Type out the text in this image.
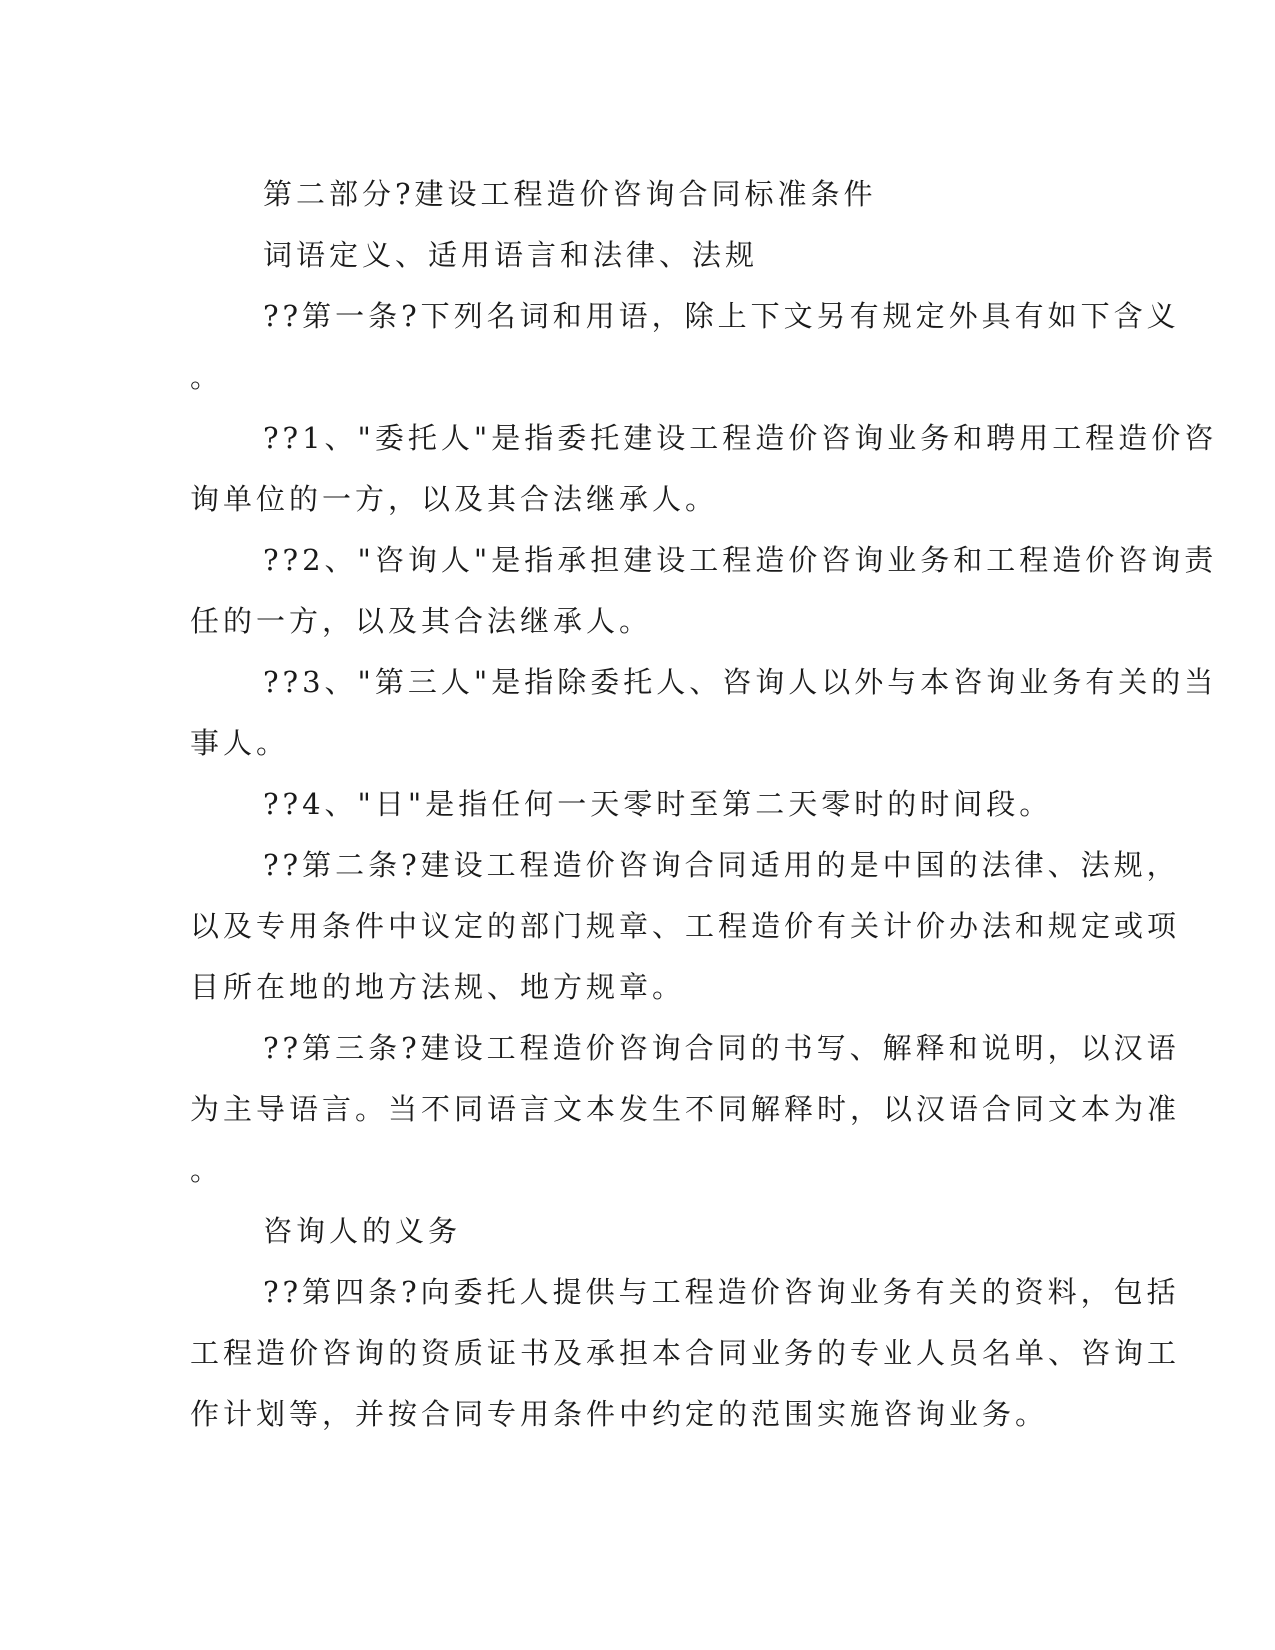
第二部分?建设工程造价咨询合同标准条件
词语定义、适用语言和法律、法规
??第一条?下列名词和用语，除上下文另有规定外具有如下含义
。
??1、"委托人"是指委托建设工程造价咨询业务和聘用工程造价咨
询单位的一方，以及其合法继承人。
??2、"咨询人"是指承担建设工程造价咨询业务和工程造价咨询责
任的一方，以及其合法继承人。
??3、"第三人"是指除委托人、咨询人以外与本咨询业务有关的当
事人。
??4、"日"是指任何一天零时至第二天零时的时间段。
??第二条?建设工程造价咨询合同适用的是中国的法律、法规，
以及专用条件中议定的部门规章、工程造价有关计价办法和规定或项
目所在地的地方法规、地方规章。
??第三条?建设工程造价咨询合同的书写、解释和说明，以汉语
为主导语言。当不同语言文本发生不同解释时，以汉语合同文本为准
。
咨询人的义务
??第四条?向委托人提供与工程造价咨询业务有关的资料，包括
工程造价咨询的资质证书及承担本合同业务的专业人员名单、咨询工
作计划等，并按合同专用条件中约定的范围实施咨询业务。
